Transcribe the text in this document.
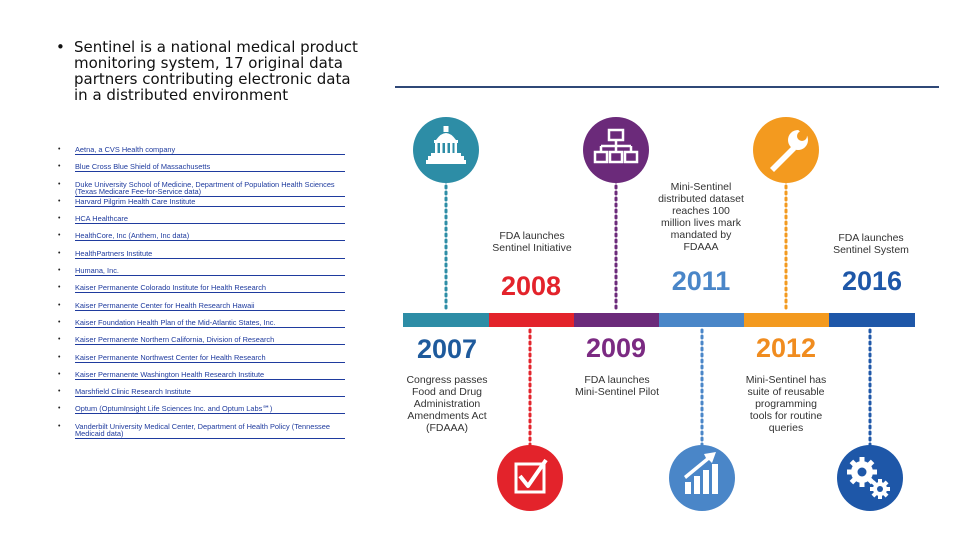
• Sentinel is a national medical product monitoring system, 17 original data partners contributing electronic data in a distributed environment
• Aetna, a CVS Health company
• Blue Cross Blue Shield of Massachusetts
• Duke University School of Medicine, Department of Population Health Sciences (Texas Medicare Fee-for-Service data)
• Harvard Pilgrim Health Care Institute
• HCA Healthcare
• HealthCore, Inc (Anthem, Inc data)
• HealthPartners Institute
• Humana, Inc.
• Kaiser Permanente Colorado Institute for Health Research
• Kaiser Permanente Center for Health Research Hawaii
• Kaiser Foundation Health Plan of the Mid-Atlantic States, Inc.
• Kaiser Permanente Northern California, Division of Research
• Kaiser Permanente Northwest Center for Health Research
• Kaiser Permanente Washington Health Research Institute
• Marshfield Clinic Research Institute
• Optum (OptumInsight Life Sciences Inc. and Optum Labs℠)
• Vanderbilt University Medical Center, Department of Health Policy (Tennessee Medicaid data)
2008	2011	2016
2007	2009	2012
FDA launches Sentinel Initiative
Mini-Sentinel distributed dataset reaches 100 million lives mark mandated by FDAAA
FDA launches Sentinel System
Congress passes Food and Drug Administration Amendments Act (FDAAA)
FDA launches Mini-Sentinel Pilot
Mini-Sentinel has suite of reusable programming tools for routine queries
